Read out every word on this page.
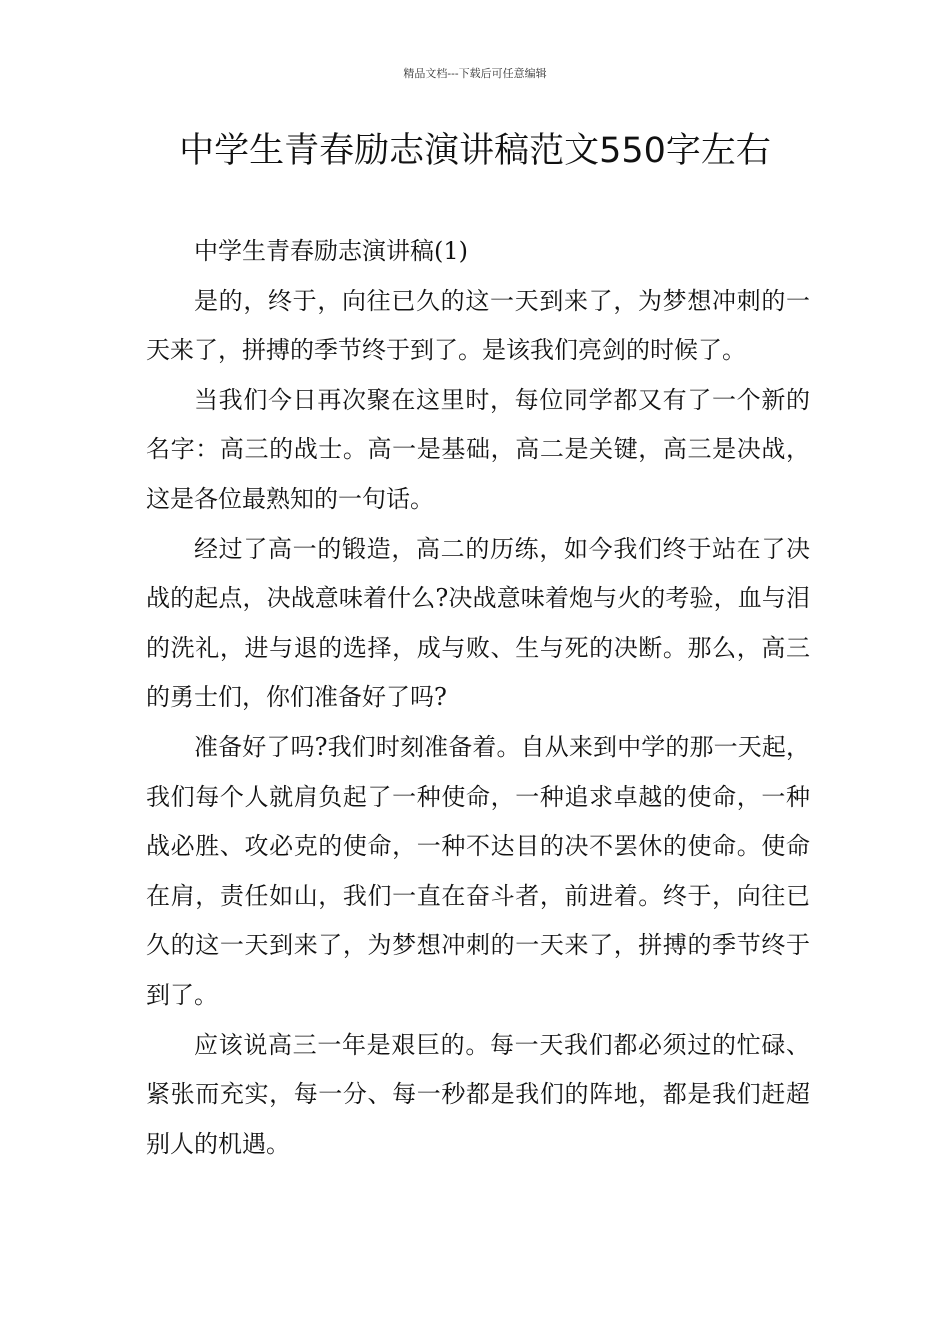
精品文档---下载后可任意编辑
中学生青春励志演讲稿范文550字左右

中学生青春励志演讲稿(1)

是的，终于，向往已久的这一天到来了，为梦想冲刺的一天来了，拼搏的季节终于到了。是该我们亮剑的时候了。

当我们今日再次聚在这里时，每位同学都又有了一个新的名字：高三的战士。高一是基础，高二是关键，高三是决战，这是各位最熟知的一句话。

经过了高一的锻造，高二的历练，如今我们终于站在了决战的起点，决战意味着什么?决战意味着炮与火的考验，血与泪的洗礼，进与退的选择，成与败、生与死的决断。那么，高三的勇士们，你们准备好了吗?

准备好了吗?我们时刻准备着。自从来到中学的那一天起，我们每个人就肩负起了一种使命，一种追求卓越的使命，一种战必胜、攻必克的使命，一种不达目的决不罢休的使命。使命在肩，责任如山，我们一直在奋斗者，前进着。终于，向往已久的这一天到来了，为梦想冲刺的一天来了，拼搏的季节终于到了。

应该说高三一年是艰巨的。每一天我们都必须过的忙碌、紧张而充实，每一分、每一秒都是我们的阵地，都是我们赶超别人的机遇。
